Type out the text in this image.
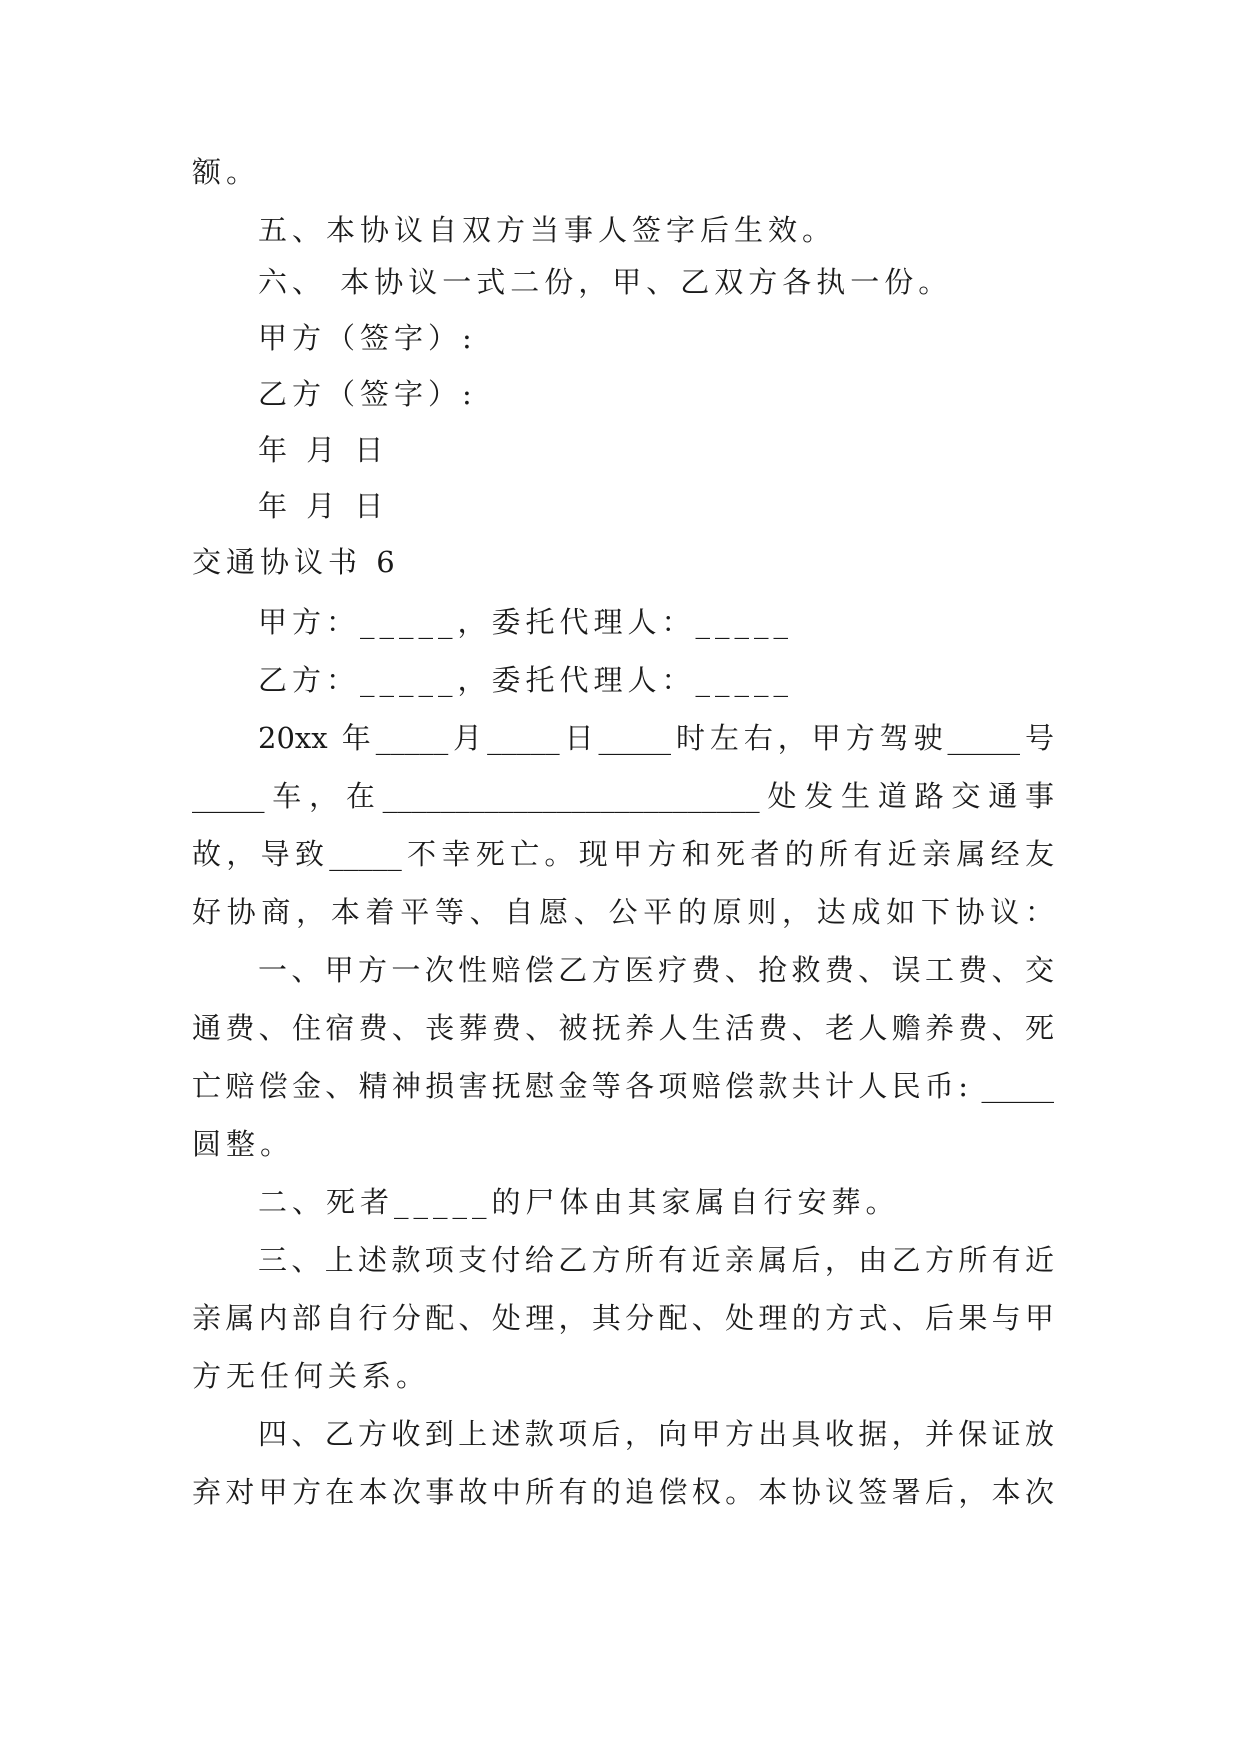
额。
五、本协议自双方当事人签字后生效。
六、 本协议一式二份，甲、乙双方各执一份。
甲方（签字）:
乙方（签字）:
年 月 日
年 月 日
交通协议书 6
甲方：_____，委托代理人：_____
乙方：_____，委托代理人：_____
20xx 年_____月_____日_____时左右，甲方驾驶_____号
_____车，在__________________________处发生道路交通事
故，导致_____不幸死亡。现甲方和死者的所有近亲属经友
好协商，本着平等、自愿、公平的原则，达成如下协议：
一、甲方一次性赔偿乙方医疗费、抢救费、误工费、交
通费、住宿费、丧葬费、被抚养人生活费、老人赡养费、死
亡赔偿金、精神损害抚慰金等各项赔偿款共计人民币: _____
圆整。
二、死者_____的尸体由其家属自行安葬。
三、上述款项支付给乙方所有近亲属后，由乙方所有近
亲属内部自行分配、处理，其分配、处理的方式、后果与甲
方无任何关系。
四、乙方收到上述款项后，向甲方出具收据，并保证放
弃对甲方在本次事故中所有的追偿权。本协议签署后，本次
